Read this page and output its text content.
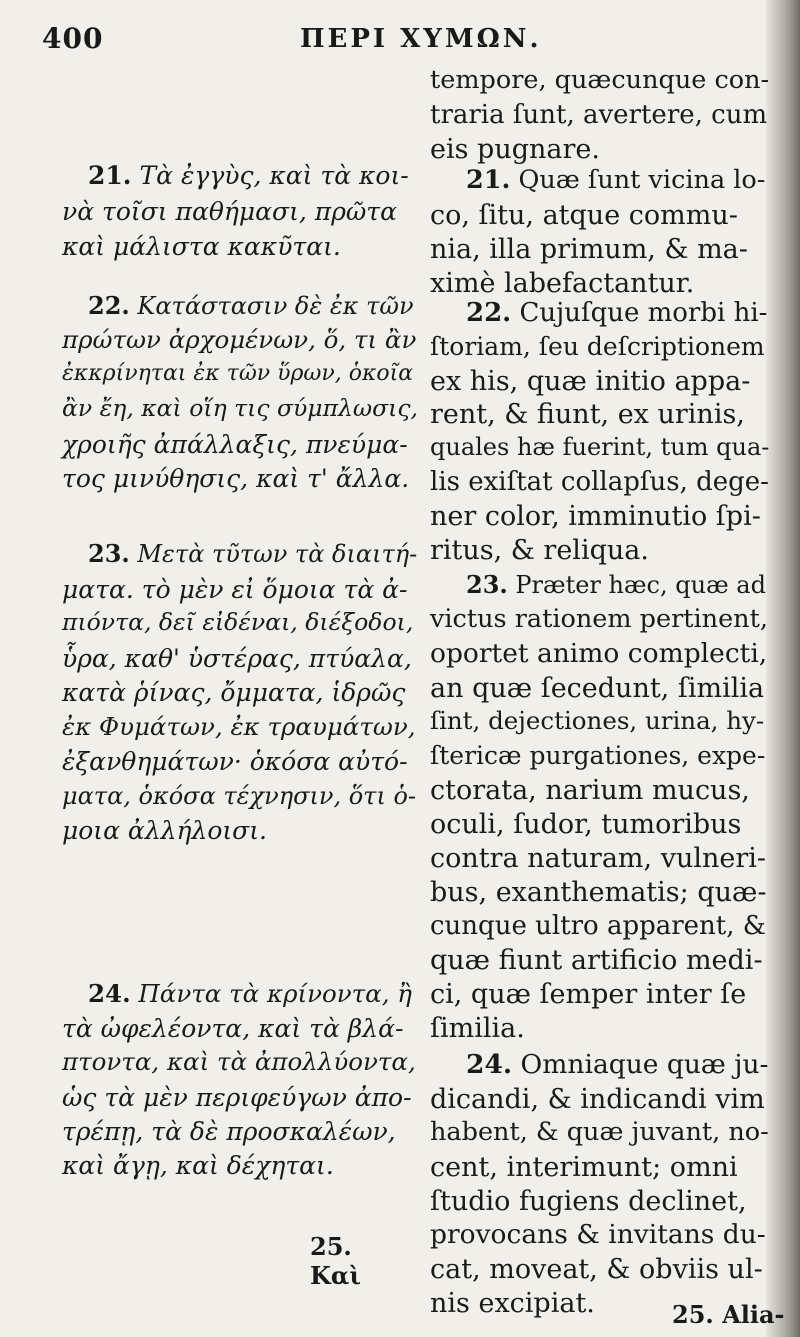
400	ΠΕΡΙ ΧΥΜΩΝ.
21. Τὰ ἐγγὺς, καὶ τὰ κοι-
νὰ τοῖσι παθήμασι, πρῶτα
καὶ μάλιστα κακῦται.
22. Κατάστασιν δὲ ἐκ τῶν
πρώτων ἀρχομένων, ὅ, τι ἂν
ἐκκρίνηται ἐκ τῶν ὕρων, ὁκοῖα
ἂν ἔη, καὶ οἵη τις σύμπλωσις,
χροιῆς ἀπάλλαξις, πνεύμα-
τος μινύθησις, καὶ τ' ἄλλα.
23. Μετὰ τῦτων τὰ διαιτή-
ματα. τὸ μὲν εἰ ὅμοια τὰ ἀ-
πιόντα, δεῖ εἰδέναι, διέξοδοι,
ὗρα, καθ' ὑστέρας, πτύαλα,
κατὰ ῥίνας, ὄμματα, ἱδρῶς
ἐκ Φυμάτων, ἐκ τραυμάτων,
ἐξανθημάτων· ὁκόσα αὐτό-
ματα, ὁκόσα τέχνησιν, ὅτι ὁ-
μοια ἀλλήλοισι.
24. Πάντα τὰ κρίνοντα, ἢ
τὰ ὠφελέοντα, καὶ τὰ βλά-
πτοντα, καὶ τὰ ἀπολλύοντα,
ὡς τὰ μὲν περιφεύγων ἀπο-
τρέπῃ, τὰ δὲ προσκαλέων,
καὶ ἄγῃ, καὶ δέχηται.
25. Καὶ
tempore, quæcunque con-
traria ſunt, avertere, cum
eis pugnare.
21. Quæ ſunt vicina lo-
co, ſitu, atque commu-
nia, illa primum, & ma-
ximè labefactantur.
22. Cujuſque morbi hi-
ſtoriam, ſeu deſcriptionem
ex his, quæ initio appa-
rent, & fiunt, ex urinis,
quales hæ fuerint, tum qua-
lis exiſtat collapſus, dege-
ner color, imminutio ſpi-
ritus, & reliqua.
23. Præter hæc, quæ ad
victus rationem pertinent,
oportet animo complecti,
an quæ ſecedunt, ſimilia
ſint, dejectiones, urina, hy-
ſtericæ purgationes, expe-
ctorata, narium mucus,
oculi, ſudor, tumoribus
contra naturam, vulneri-
bus, exanthematis; quæ-
cunque ultro apparent, &
quæ fiunt artificio medi-
ci, quæ ſemper inter ſe
ſimilia.
24. Omniaque quæ ju-
dicandi, & indicandi vim
habent, & quæ juvant, no-
cent, interimunt; omni
ſtudio fugiens declinet,
provocans & invitans du-
cat, moveat, & obviis ul-
nis excipiat.	25. Alia-
